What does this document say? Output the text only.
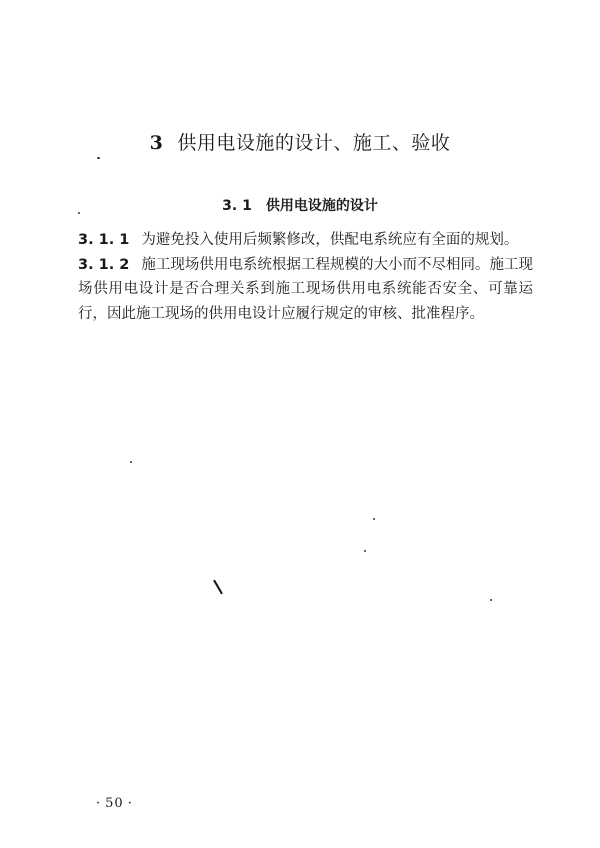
3 供用电设施的设计、施工、验收
3. 1 供用电设施的设计

3. 1. 1 为避免投入使用后频繁修改，供配电系统应有全面的规划。

3. 1. 2 施工现场供用电系统根据工程规模的大小而不尽相同。施工现场供用电设计是否合理关系到施工现场供用电系统能否安全、可靠运行，因此施工现场的供用电设计应履行规定的审核、批准程序。

· 50 ·
